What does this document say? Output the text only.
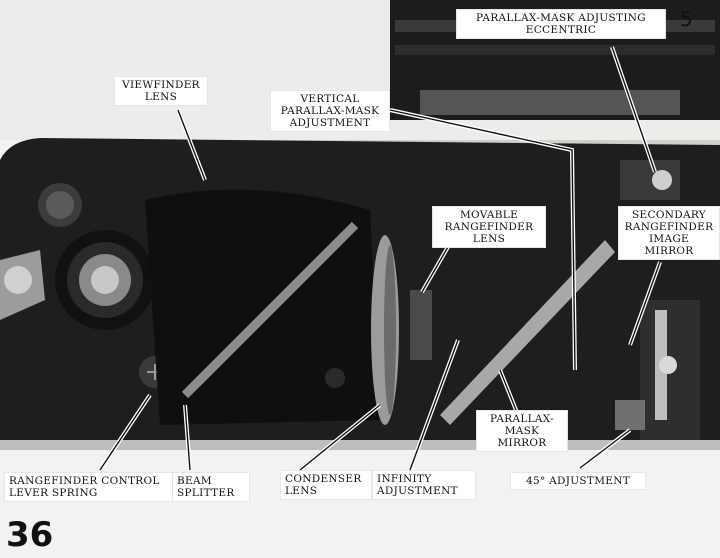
5
PARALLAX-MASK ADJUSTING
ECCENTRIC
VIEWFINDER
LENS	VERTICAL
PARALLAX-MASK
ADJUSTMENT
MOVABLE
RANGEFINDER
LENS
SECONDARY
RANGEFINDER
IMAGE
MIRROR
PARALLAX-
MASK
MIRROR
RANGEFINDER CONTROL
LEVER SPRING
BEAM
SPLITTER
CONDENSER
LENS
INFINITY
ADJUSTMENT
45° ADJUSTMENT
36
